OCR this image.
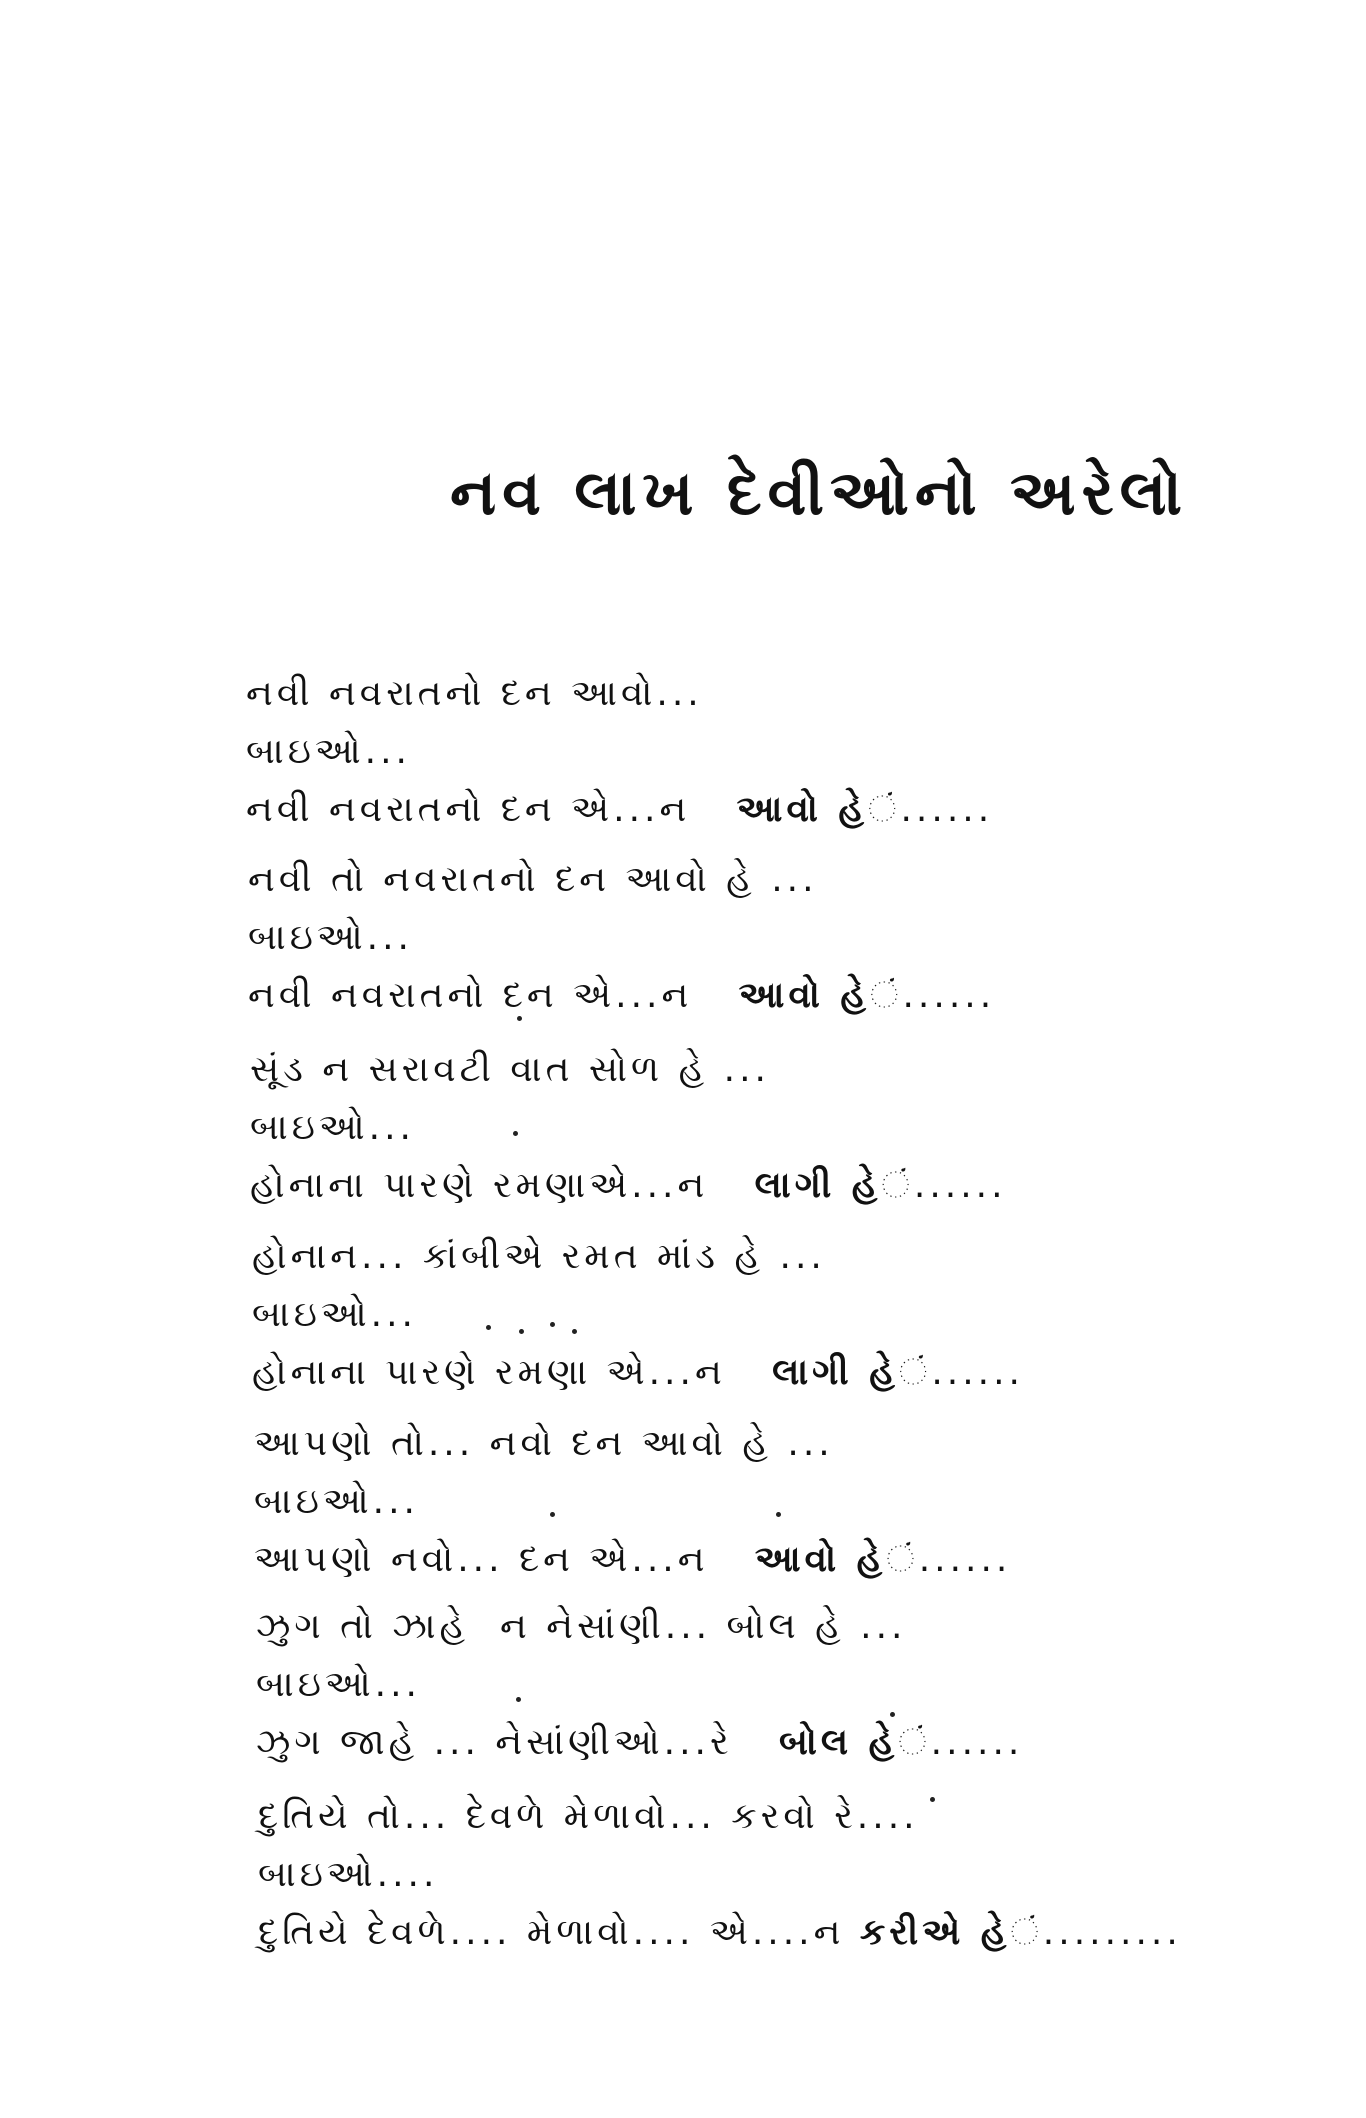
નવ લાખ દેવીઓનો અરેલો
નવી નવરાતનો દન આવો...
બાઇઓ...
નવી નવરાતનો દન એ...ન   આવો હેં......
નવી તો નવરાતનો દન આવો હે ...
બાઇઓ...
નવી નવરાતનો દન એ...ન   આવો હેં......
સૂંડ ન સરાવટી વાત સોળ હે ...
બાઇઓ...
હોનાના પારણે રમણાએ...ન   લાગી હેં......
હોનાન... કાંબીએ રમત માંડ હે ...
બાઇઓ...
હોનાના પારણે રમણા એ...ન   લાગી હેં......
આપણો તો... નવો દન આવો હે ...
બાઇઓ...
આપણો નવો... દન એ...ન   આવો હેં......
ઝુગ તો ઝાહે  ન નેસાંણી... બોલ હે ...
બાઇઓ...
ઝુગ જાહે ... નેસાંણીઓ...રે   બોલ હેં......
દુતિયે તો... દેવળે મેળાવો... કરવો રે....
બાઇઓ....
દુતિયે દેવળે.... મેળાવો.... એ....ન કરીએ હેં.........
